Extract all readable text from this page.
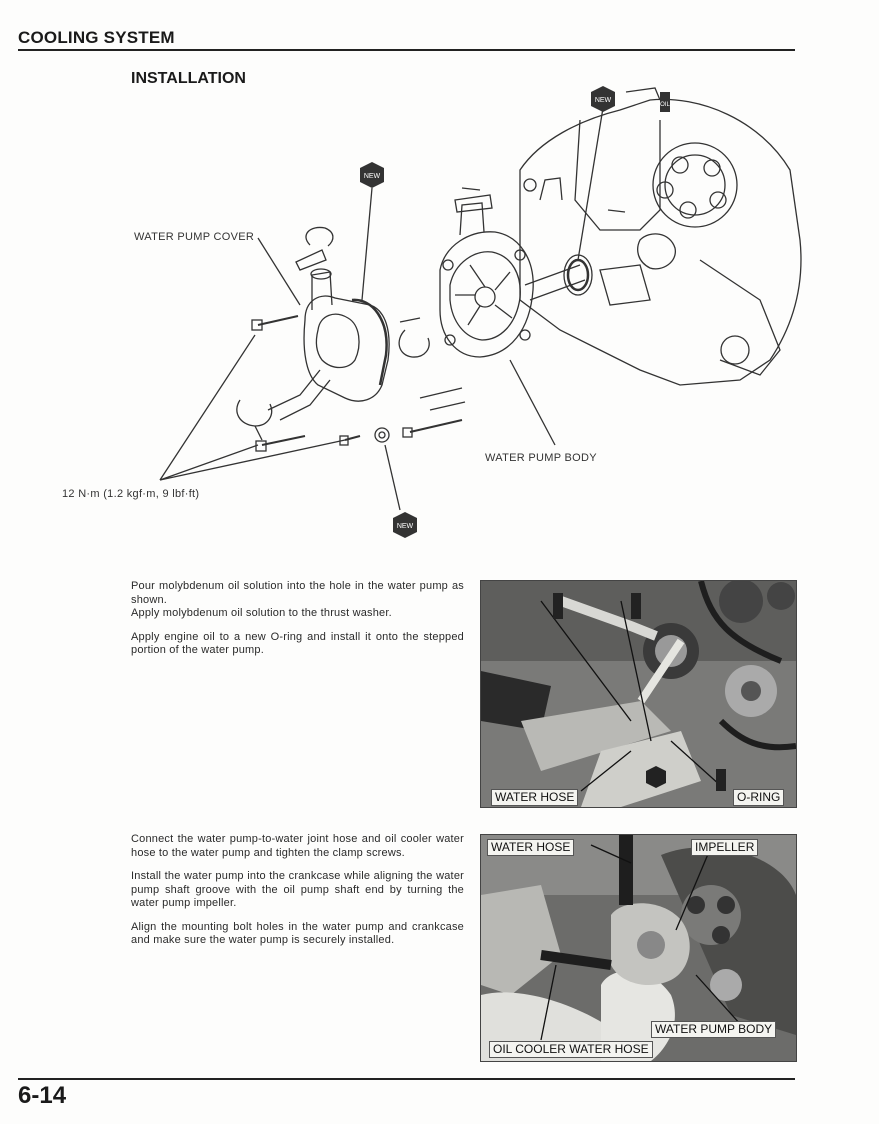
COOLING SYSTEM
INSTALLATION
NEW
NEW
NEW
OIL
WATER PUMP COVER
WATER PUMP BODY
12 N·m (1.2 kgf·m, 9 lbf·ft)

Pour molybdenum oil solution into the hole in the water pump as shown.
Apply molybdenum oil solution to the thrust washer.

Apply engine oil to a new O-ring and install it onto the stepped portion of the water pump.

WATER HOSE	O-RING

Connect the water pump-to-water joint hose and oil cooler water hose to the water pump and tighten the clamp screws.

Install the water pump into the crankcase while aligning the water pump shaft groove with the oil pump shaft end by turning the water pump impeller.

Align the mounting bolt holes in the water pump and crankcase and make sure the water pump is securely installed.

WATER HOSE	IMPELLER
WATER PUMP BODY
OIL COOLER WATER HOSE
6-14
